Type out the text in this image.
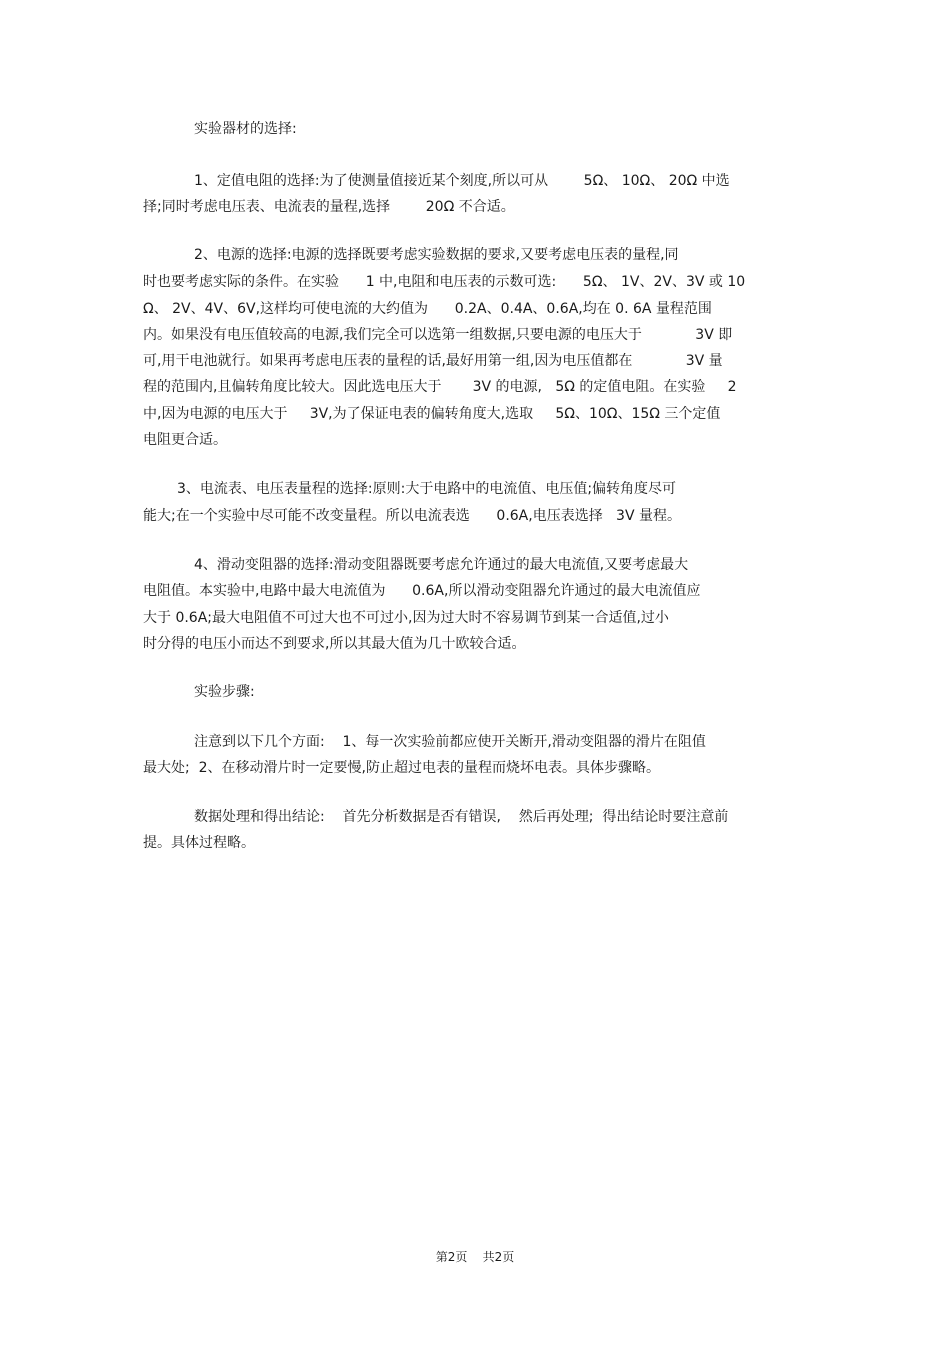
实验器材的选择:
1、定值电阻的选择:为了使测量值接近某个刻度,所以可从        5Ω、 10Ω、 20Ω 中选
择;同时考虑电压表、电流表的量程,选择        20Ω 不合适。
2、电源的选择:电源的选择既要考虑实验数据的要求,又要考虑电压表的量程,同
时也要考虑实际的条件。在实验      1 中,电阻和电压表的示数可选:      5Ω、 1V、2V、3V 或 10
Ω、 2V、4V、6V,这样均可使电流的大约值为      0.2A、0.4A、0.6A,均在 0. 6A 量程范围
内。如果没有电压值较高的电源,我们完全可以选第一组数据,只要电源的电压大于            3V 即
可,用干电池就行。如果再考虑电压表的量程的话,最好用第一组,因为电压值都在            3V 量
程的范围内,且偏转角度比较大。因此选电压大于       3V 的电源,   5Ω 的定值电阻。在实验     2
中,因为电源的电压大于     3V,为了保证电表的偏转角度大,选取     5Ω、10Ω、15Ω 三个定值
电阻更合适。
3、电流表、电压表量程的选择:原则:大于电路中的电流值、电压值;偏转角度尽可
能大;在一个实验中尽可能不改变量程。所以电流表选      0.6A,电压表选择   3V 量程。
4、滑动变阻器的选择:滑动变阻器既要考虑允许通过的最大电流值,又要考虑最大
电阻值。本实验中,电路中最大电流值为      0.6A,所以滑动变阻器允许通过的最大电流值应
大于 0.6A;最大电阻值不可过大也不可过小,因为过大时不容易调节到某一合适值,过小
时分得的电压小而达不到要求,所以其最大值为几十欧较合适。
实验步骤:
注意到以下几个方面:    1、每一次实验前都应使开关断开,滑动变阻器的滑片在阻值
最大处;  2、在移动滑片时一定要慢,防止超过电表的量程而烧坏电表。具体步骤略。
数据处理和得出结论:    首先分析数据是否有错误,    然后再处理;  得出结论时要注意前
提。具体过程略。
第2页    共2页
